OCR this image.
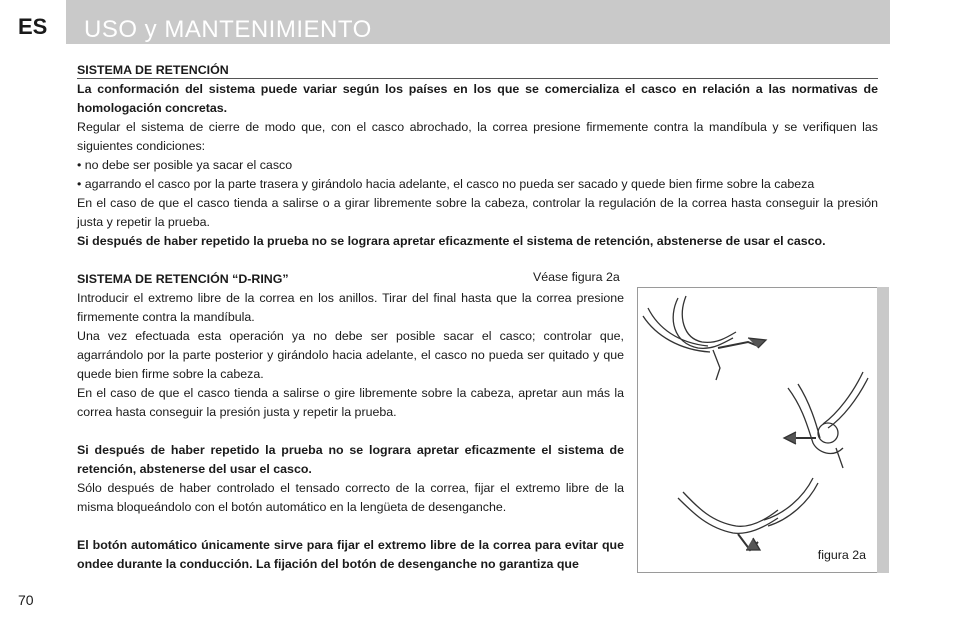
ES USO y MANTENIMIENTO

SISTEMA DE RETENCIÓN

La conformación del sistema puede variar según los países en los que se comercializa el casco en relación a las normativas de homologación concretas.

Regular el sistema de cierre de modo que, con el casco abrochado, la correa presione firmemente contra la mandíbula y se verifiquen las siguientes condiciones:

• no debe ser posible ya sacar el casco

• agarrando el casco por la parte trasera y girándolo hacia adelante, el casco no pueda ser sacado y quede bien firme sobre la cabeza

En el caso de que el casco tienda a salirse o a girar libremente sobre la cabeza, controlar la regulación de la correa hasta conseguir la presión justa y repetir la prueba.

Si después de haber repetido la prueba no se lograra apretar eficazmente el sistema de retención, abstenerse de usar el casco.

SISTEMA DE RETENCIÓN “D-RING”

Introducir el extremo libre de la correa en los anillos. Tirar del final hasta que la correa presione firmemente contra la mandíbula.

Una vez efectuada esta operación ya no debe ser posible sacar el casco; controlar que, agarrándolo por la parte posterior y girándolo hacia adelante, el casco no pueda ser quitado y que quede bien firme sobre la cabeza.

En el caso de que el casco tienda a salirse o gire libremente sobre la cabeza, apretar aun más la correa hasta conseguir la presión justa y repetir la prueba.

Si después de haber repetido la prueba no se lograra apretar eficazmente el sistema de retención, abstenerse del usar el casco.

Sólo después de haber controlado el tensado correcto de la correa, fijar el extremo libre de la misma bloqueándolo con el botón automático en la lengüeta de desenganche.

El botón automático únicamente sirve para fijar el extremo libre de la correa para evitar que ondee durante la conducción. La fijación del botón de desenganche no garantiza que

Véase figura 2a
figura 2a
70
